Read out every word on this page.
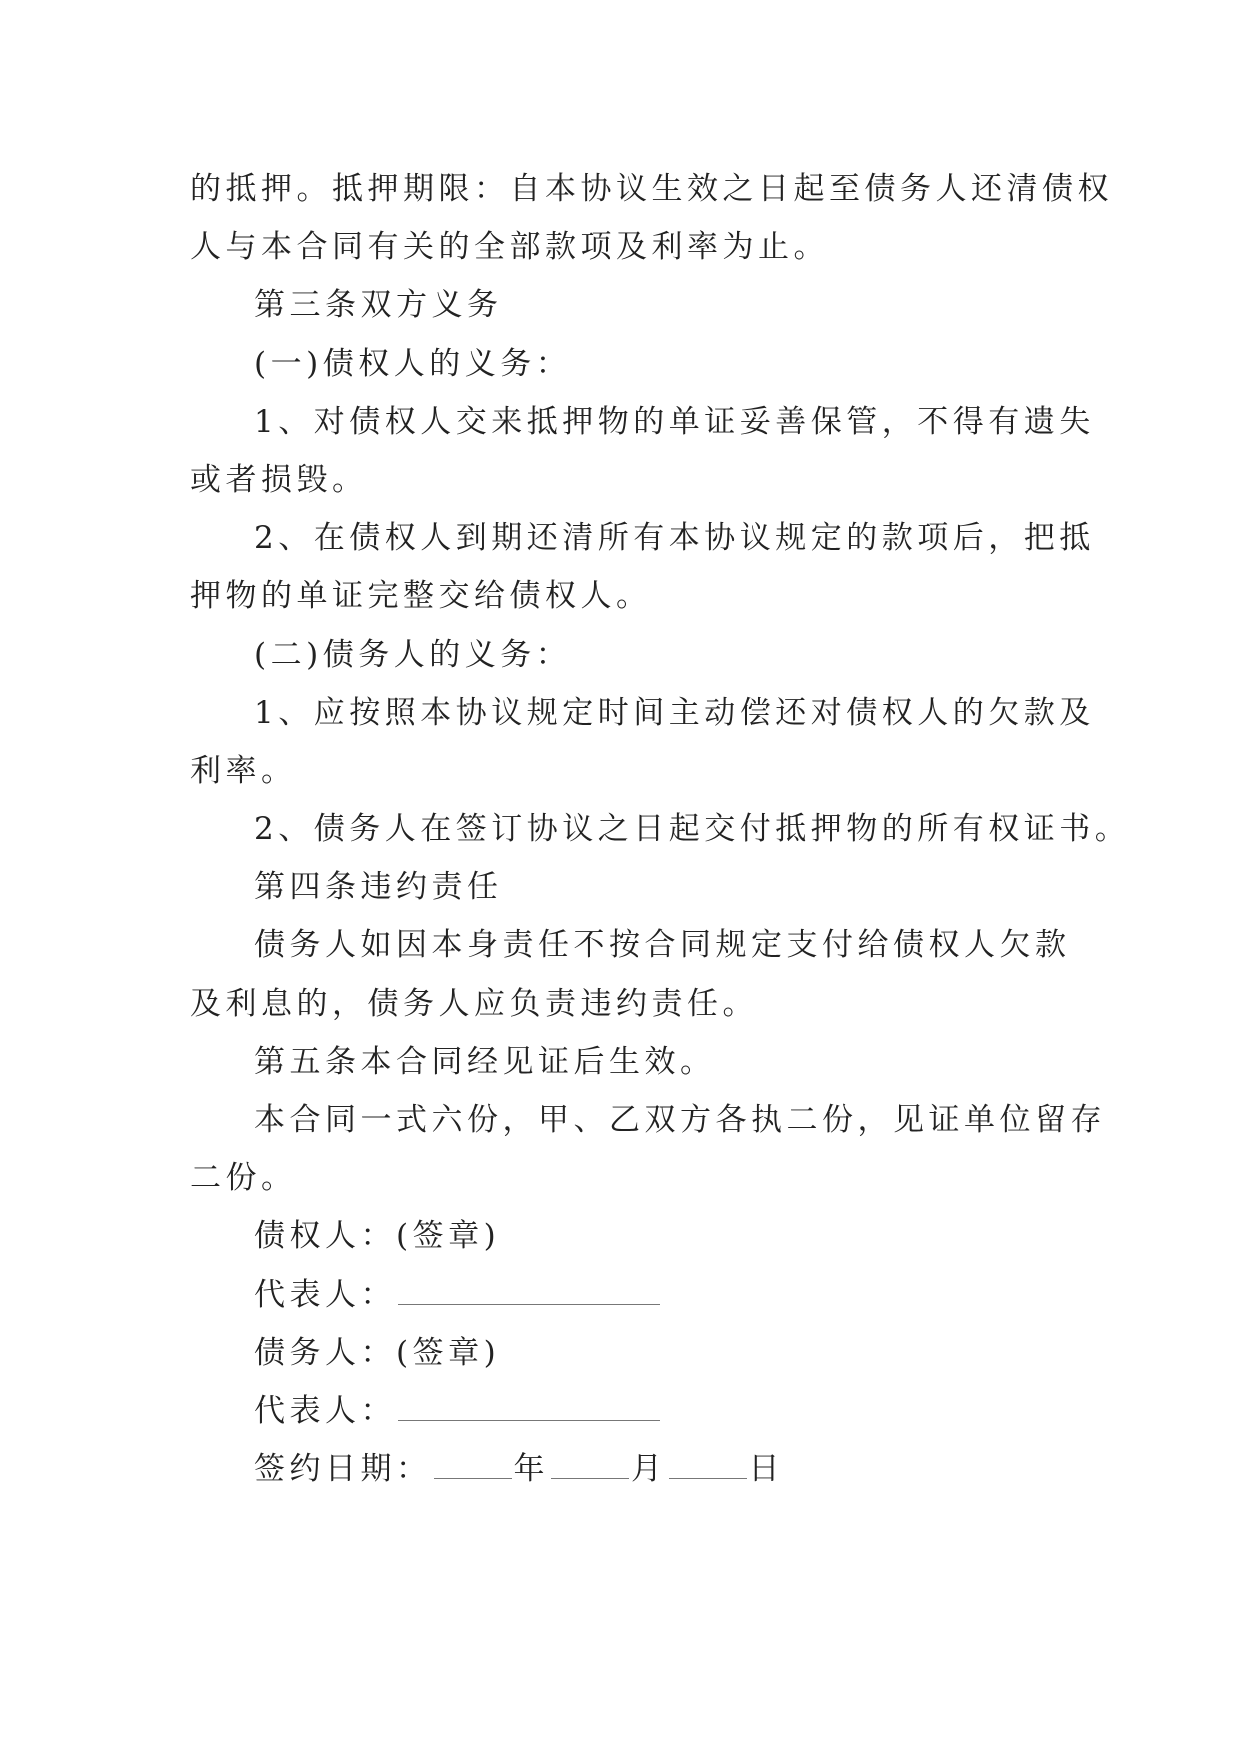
的抵押。抵押期限：自本协议生效之日起至债务人还清债权
人与本合同有关的全部款项及利率为止。
第三条双方义务
(一)债权人的义务：
1、对债权人交来抵押物的单证妥善保管，不得有遗失
或者损毁。
2、在债权人到期还清所有本协议规定的款项后，把抵
押物的单证完整交给债权人。
(二)债务人的义务：
1、应按照本协议规定时间主动偿还对债权人的欠款及
利率。
2、债务人在签订协议之日起交付抵押物的所有权证书。
第四条违约责任
债务人如因本身责任不按合同规定支付给债权人欠款
及利息的，债务人应负责违约责任。
第五条本合同经见证后生效。
本合同一式六份，甲、乙双方各执二份，见证单位留存
二份。
债权人：(签章)
代表人：
债务人：(签章)
代表人：
签约日期：	年	月	日
